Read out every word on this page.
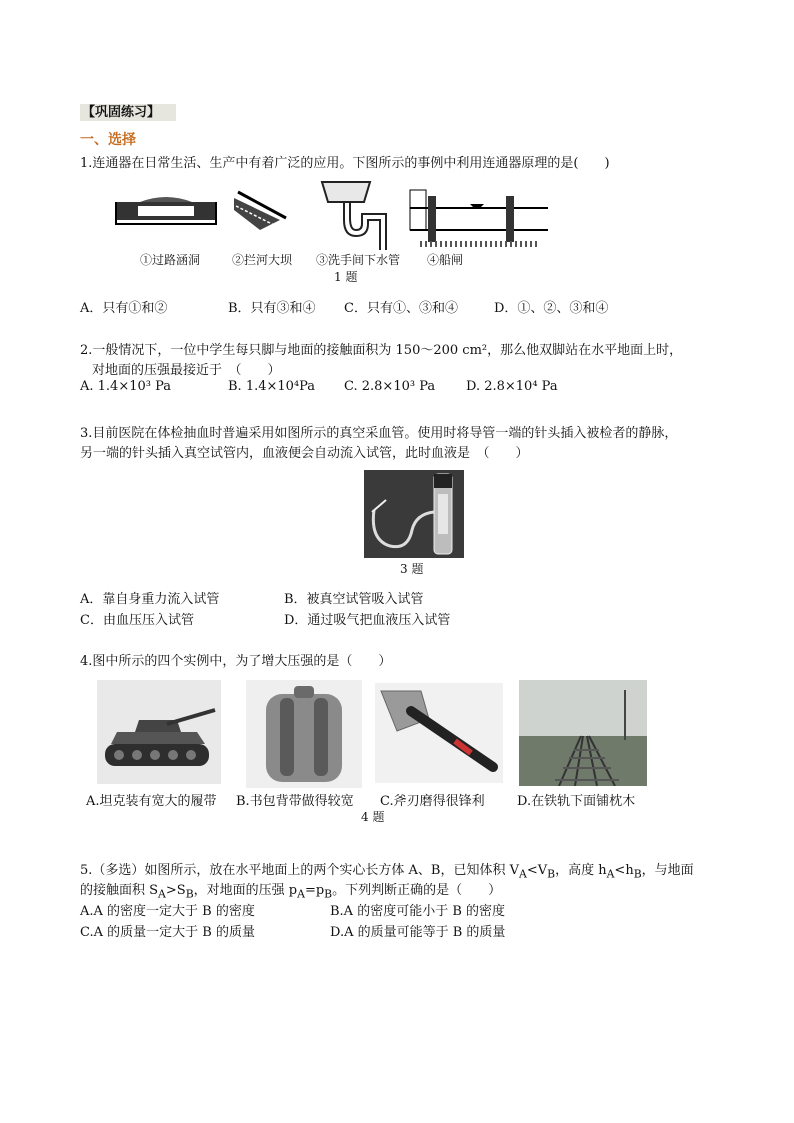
【巩固练习】
一、选择
1.连通器在日常生活、生产中有着广泛的应用。下图所示的事例中利用连通器原理的是(　　)
①过路涵洞	②拦河大坝 ③洗手间下水管 ④船闸
1 题
A．只有①和②	B．只有③和④ C．只有①、③和④	D．①、②、③和④
2.一般情况下，一位中学生每只脚与地面的接触面积为 150～200 cm²，那么他双脚站在水平地面上时，
对地面的压强最接近于　（　　）
A. 1.4×10³ Pa	B. 1.4×10⁴Pa C. 2.8×10³ Pa D. 2.8×10⁴ Pa
3.目前医院在体检抽血时普遍采用如图所示的真空采血管。使用时将导管一端的针头插入被检者的静脉，
另一端的针头插入真空试管内，血液便会自动流入试管，此时血液是　（　　）
3 题
A．靠自身重力流入试管	B．被真空试管吸入试管
C．由血压压入试管	D．通过吸气把血液压入试管
4.图中所示的四个实例中，为了增大压强的是（　　）
A.坦克装有宽大的履带 B.书包背带做得较宽 C.斧刃磨得很锋利 D.在铁轨下面铺枕木
4 题
5.（多选）如图所示，放在水平地面上的两个实心长方体 A、B，已知体积 $V_A<V_B$，高度 $h_A<h_B$，与地面
的接触面积 $S_A>S_B$，对地面的压强 $p_A=p_B$。下列判断正确的是（　　）
A.A 的密度一定大于 B 的密度	B.A 的密度可能小于 B 的密度
C.A 的质量一定大于 B 的质量	D.A 的质量可能等于 B 的质量
